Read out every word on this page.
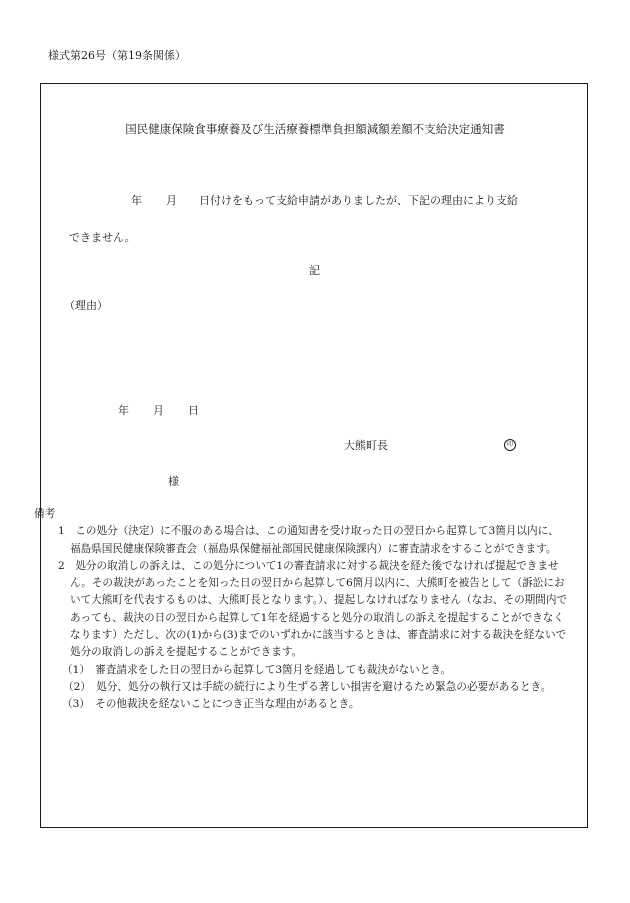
様式第26号（第19条関係）
国民健康保険食事療養及び生活療養標準負担額減額差額不支給決定通知書
年 月 日付けをもって支給申請がありましたが、下記の理由により支給
できません。
記
（理由）
年 月 日
大熊町長	印
様
備考
1　この処分（決定）に不服のある場合は、この通知書を受け取った日の翌日から起算して3箇月以内に、福島県国民健康保険審査会（福島県保健福祉部国民健康保険課内）に審査請求をすることができます。
2　処分の取消しの訴えは、この処分について1の審査請求に対する裁決を経た後でなければ提起できません。その裁決があったことを知った日の翌日から起算して6箇月以内に、大熊町を被告として（訴訟において大熊町を代表するものは、大熊町長となります。）、提起しなければなりません（なお、その期間内であっても、裁決の日の翌日から起算して1年を経過すると処分の取消しの訴えを提起することができなくなります）ただし、次の(1)から(3)までのいずれかに該当するときは、審査請求に対する裁決を経ないで処分の取消しの訴えを提起することができます。
（1）　審査請求をした日の翌日から起算して3箇月を経過しても裁決がないとき。
（2）　処分、処分の執行又は手続の続行により生ずる著しい損害を避けるため緊急の必要があるとき。
（3）　その他裁決を経ないことにつき正当な理由があるとき。
